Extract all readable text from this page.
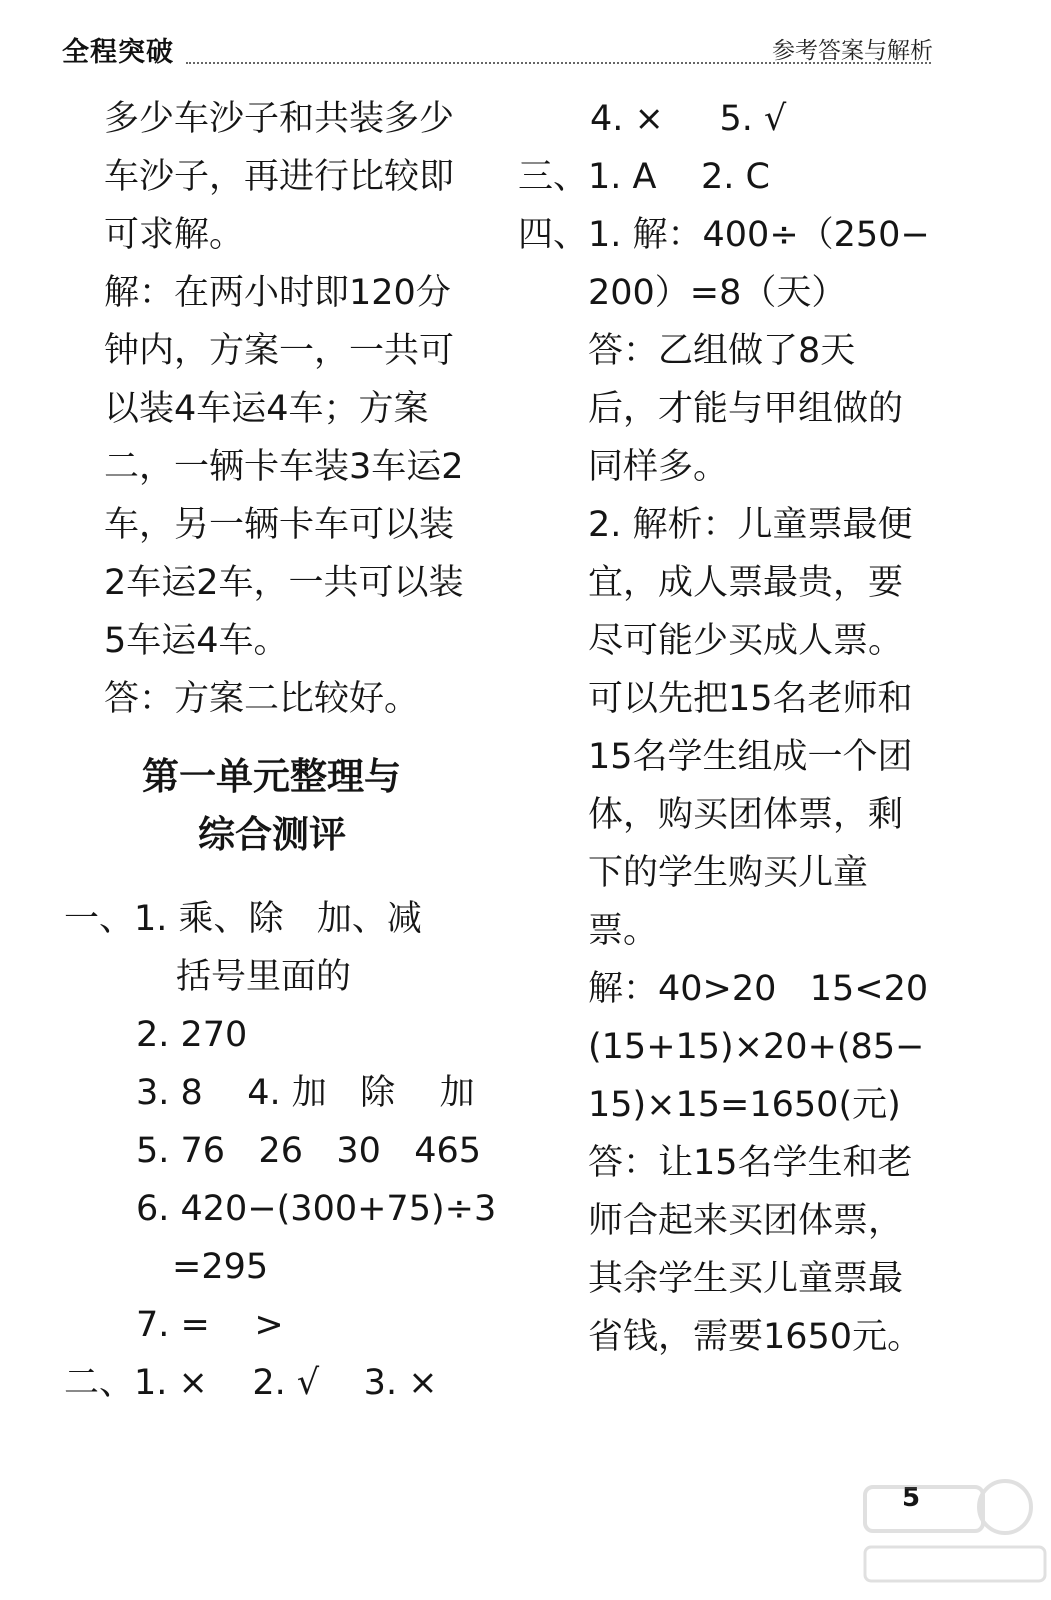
全程突破	参考答案与解析
多少车沙子和共装多少
车沙子，再进行比较即
可求解。
解：在两小时即120分
钟内，方案一，一共可
以装4车运4车；方案
二，一辆卡车装3车运2
车，另一辆卡车可以装
2车运2车，一共可以装
5车运4车。
答：方案二比较好。
第一单元整理与
综合测评
一、1. 乘、除   加、减
括号里面的
2. 270
3. 8    4. 加   除    加
5. 76   26   30   465
6. 420−(300+75)÷3
=295
7. =    >
二、1. ×    2. √    3. ×
4. ×     5. √
三、1. A    2. C
四、1. 解：400÷（250−
200）=8（天）
答：乙组做了8天
后，才能与甲组做的
同样多。
2. 解析：儿童票最便
宜，成人票最贵，要
尽可能少买成人票。
可以先把15名老师和
15名学生组成一个团
体，购买团体票，剩
下的学生购买儿童
票。
解：40>20   15<20
(15+15)×20+(85−
15)×15=1650(元)
答：让15名学生和老
师合起来买团体票，
其余学生买儿童票最
省钱，需要1650元。
5
